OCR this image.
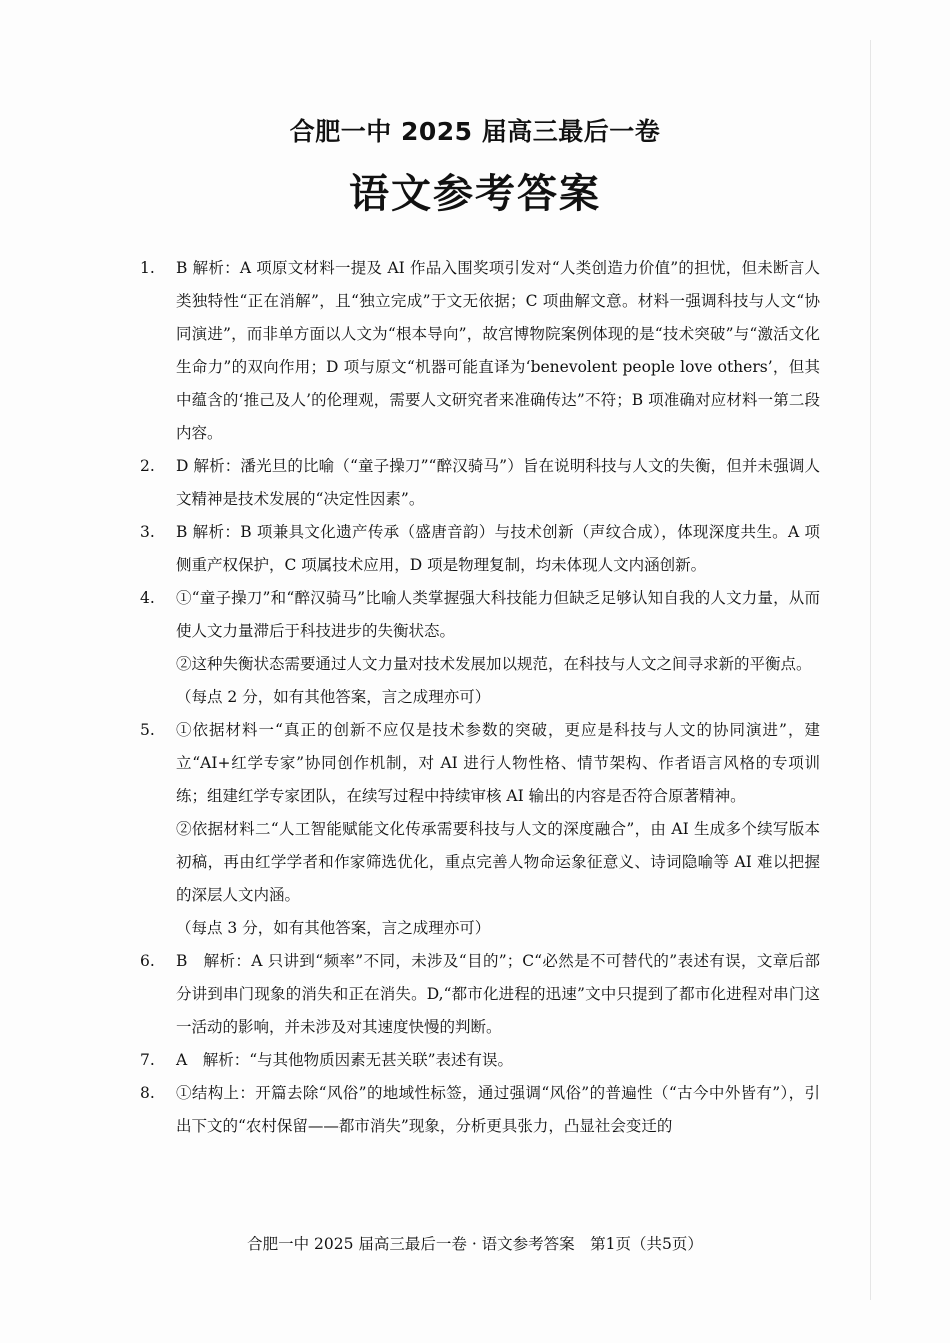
合肥一中 2025 届高三最后一卷
语文参考答案
1.	B 解析：A 项原文材料一提及 AI 作品入围奖项引发对“人类创造力价值”的担忧，但未断言人类独特性“正在消解”，且“独立完成”于文无依据；C 项曲解文意。材料一强调科技与人文“协同演进”，而非单方面以人文为“根本导向”，故宫博物院案例体现的是“技术突破”与“激活文化生命力”的双向作用；D 项与原文“机器可能直译为‘benevolent people love others’，但其中蕴含的‘推己及人’的伦理观，需要人文研究者来准确传达”不符；B 项准确对应材料一第二段内容。

2.	D 解析：潘光旦的比喻（“童子操刀”“醉汉骑马”）旨在说明科技与人文的失衡，但并未强调人文精神是技术发展的“决定性因素”。

3.	B 解析：B 项兼具文化遗产传承（盛唐音韵）与技术创新（声纹合成），体现深度共生。A 项侧重产权保护，C 项属技术应用，D 项是物理复制，均未体现人文内涵创新。

4.	①“童子操刀”和“醉汉骑马”比喻人类掌握强大科技能力但缺乏足够认知自我的人文力量，从而使人文力量滞后于科技进步的失衡状态。

②这种失衡状态需要通过人文力量对技术发展加以规范，在科技与人文之间寻求新的平衡点。

（每点 2 分，如有其他答案，言之成理亦可）

5.	①依据材料一“真正的创新不应仅是技术参数的突破，更应是科技与人文的协同演进”，建立“AI+红学专家”协同创作机制，对 AI 进行人物性格、情节架构、作者语言风格的专项训练；组建红学专家团队，在续写过程中持续审核 AI 输出的内容是否符合原著精神。

②依据材料二“人工智能赋能文化传承需要科技与人文的深度融合”，由 AI 生成多个续写版本初稿，再由红学学者和作家筛选优化，重点完善人物命运象征意义、诗词隐喻等 AI 难以把握的深层人文内涵。

（每点 3 分，如有其他答案，言之成理亦可）

6.	B　解析：A 只讲到“频率”不同，未涉及“目的”；C“必然是不可替代的”表述有误，文章后部分讲到串门现象的消失和正在消失。D,“都市化进程的迅速”文中只提到了都市化进程对串门这一活动的影响，并未涉及对其速度快慢的判断。

7.	A　解析：“与其他物质因素无甚关联”表述有误。

8.	①结构上：开篇去除“风俗”的地域性标签，通过强调“风俗”的普遍性（“古今中外皆有”），引出下文的“农村保留——都市消失”现象，分析更具张力，凸显社会变迁的

合肥一中 2025 届高三最后一卷 · 语文参考答案　第1页（共5页）
